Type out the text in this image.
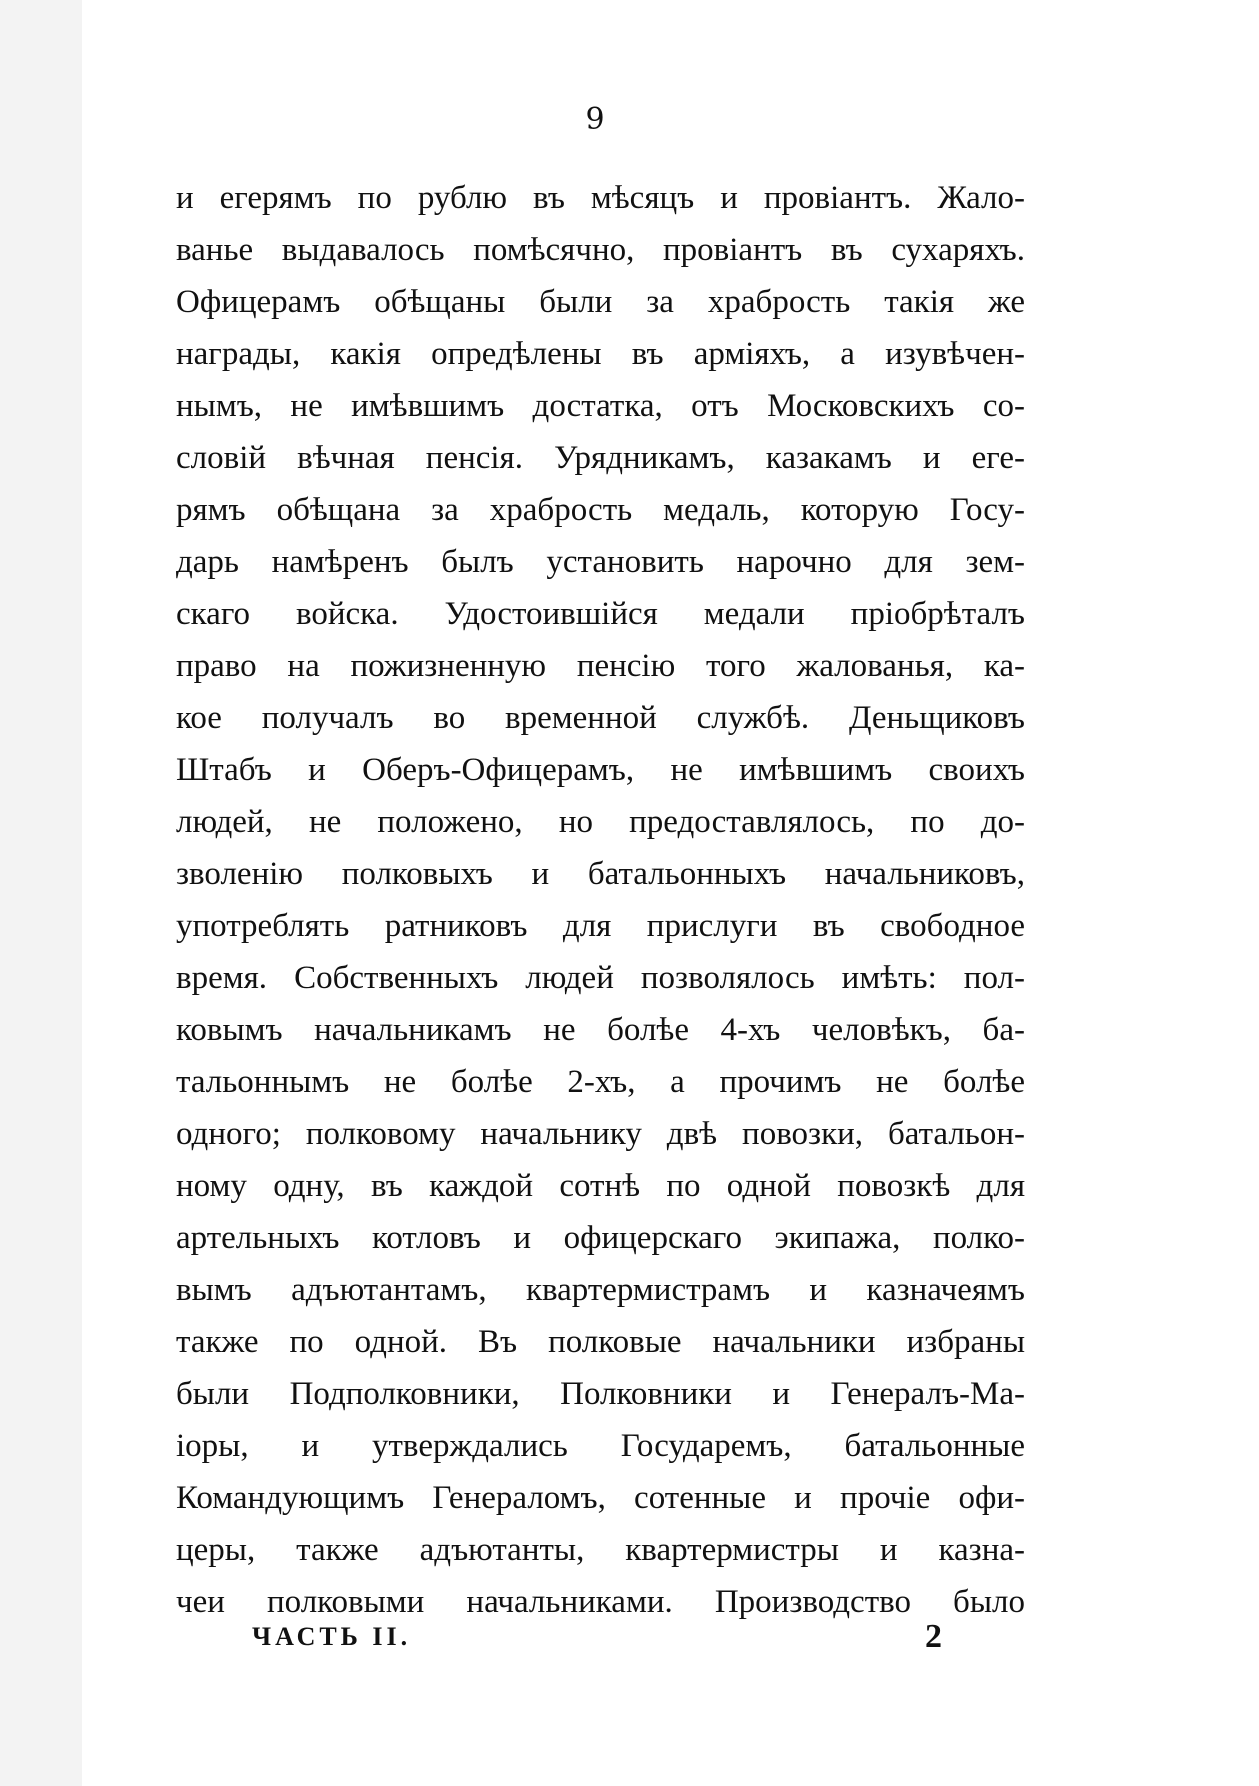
9
и егерямъ по рублю въ мѣсяцъ и провіантъ. Жало-
ванье выдавалось помѣсячно, провіантъ въ сухаряхъ.
Офицерамъ обѣщаны были за храбрость такія же
награды, какія опредѣлены въ арміяхъ, а изувѣчен-
нымъ, не имѣвшимъ достатка, отъ Московскихъ со-
словій вѣчная пенсія. Урядникамъ, казакамъ и еге-
рямъ обѣщана за храбрость медаль, которую Госу-
дарь намѣренъ былъ установить нарочно для зем-
скаго войска. Удостоившійся медали пріобрѣталъ
право на пожизненную пенсію того жалованья, ка-
кое получалъ во временной службѣ. Деньщиковъ
Штабъ и Оберъ-Офицерамъ, не имѣвшимъ своихъ
людей, не положено, но предоставлялось, по до-
зволенію полковыхъ и батальонныхъ начальниковъ,
употреблять ратниковъ для прислуги въ свободное
время. Собственныхъ людей позволялось имѣть: пол-
ковымъ начальникамъ не болѣе 4-хъ человѣкъ, ба-
тальоннымъ не болѣе 2-хъ, а прочимъ не болѣе
одного; полковому начальнику двѣ повозки, батальон-
ному одну, въ каждой сотнѣ по одной повозкѣ для
артельныхъ котловъ и офицерскаго экипажа, полко-
вымъ адъютантамъ, квартермистрамъ и казначеямъ
также по одной. Въ полковые начальники избраны
были Подполковники, Полковники и Генералъ-Ма-
іоры, и утверждались Государемъ, батальонные
Командующимъ Генераломъ, сотенные и прочіе офи-
церы, также адъютанты, квартермистры и казна-
чеи полковыми начальниками. Производство было
ЧАСТЬ II.	2
